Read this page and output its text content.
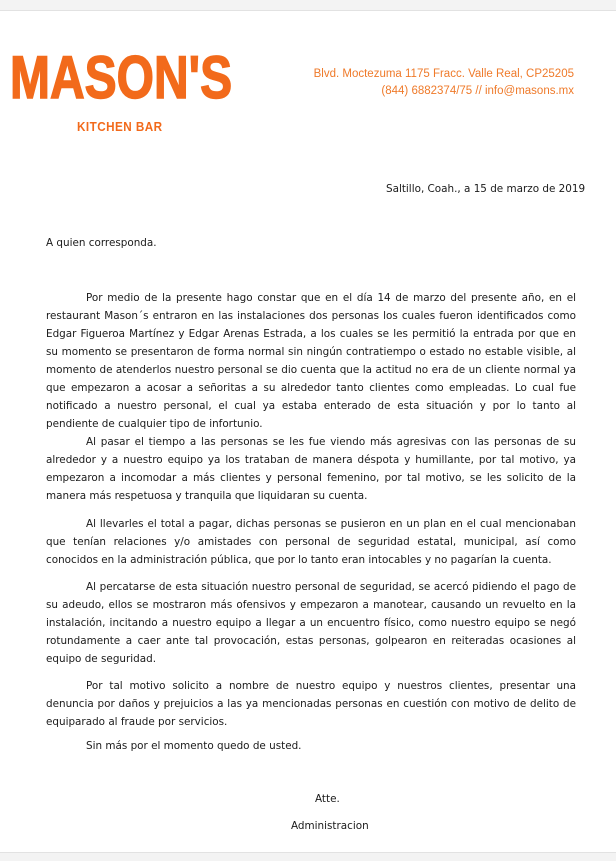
MASON'S
KITCHEN BAR
Blvd. Moctezuma 1175 Fracc. Valle Real, CP25205
(844) 6882374/75 // info@masons.mx
Saltillo, Coah., a 15 de marzo de 2019
A quien corresponda.

Por medio de la presente hago constar que en el día 14 de marzo del presente año, en el restaurant Mason´s entraron en las instalaciones dos personas los cuales fueron identificados como Edgar Figueroa Martínez y Edgar Arenas Estrada, a los cuales se les permitió la entrada por que en su momento se presentaron de forma normal sin ningún contratiempo o estado no estable visible, al momento de atenderlos nuestro personal se dio cuenta que la actitud no era de un cliente normal ya que empezaron a acosar a señoritas a su alrededor tanto clientes como empleadas. Lo cual fue notificado a nuestro personal, el cual ya estaba enterado de esta situación y por lo tanto al pendiente de cualquier tipo de infortunio.

Al pasar el tiempo a las personas se les fue viendo más agresivas con las personas de su alrededor y a nuestro equipo ya los trataban de manera déspota y humillante, por tal motivo, ya empezaron a incomodar a más clientes y personal femenino, por tal motivo, se les solicito de la manera más respetuosa y tranquila que liquidaran su cuenta.

Al llevarles el total a pagar, dichas personas se pusieron en un plan en el cual mencionaban que tenían relaciones y/o amistades con personal de seguridad estatal, municipal, así como conocidos en la administración pública, que por lo tanto eran intocables y no pagarían la cuenta.

Al percatarse de esta situación nuestro personal de seguridad, se acercó pidiendo el pago de su adeudo, ellos se mostraron más ofensivos y empezaron a manotear, causando un revuelto en la instalación, incitando a nuestro equipo a llegar a un encuentro físico, como nuestro equipo se negó rotundamente a caer ante tal provocación, estas personas, golpearon en reiteradas ocasiones al equipo de seguridad.

Por tal motivo solicito a nombre de nuestro equipo y nuestros clientes, presentar una denuncia por daños y prejuicios a las ya mencionadas personas en cuestión con motivo de delito de equiparado al fraude por servicios.

Sin más por el momento quedo de usted.
Atte.
Administracion
